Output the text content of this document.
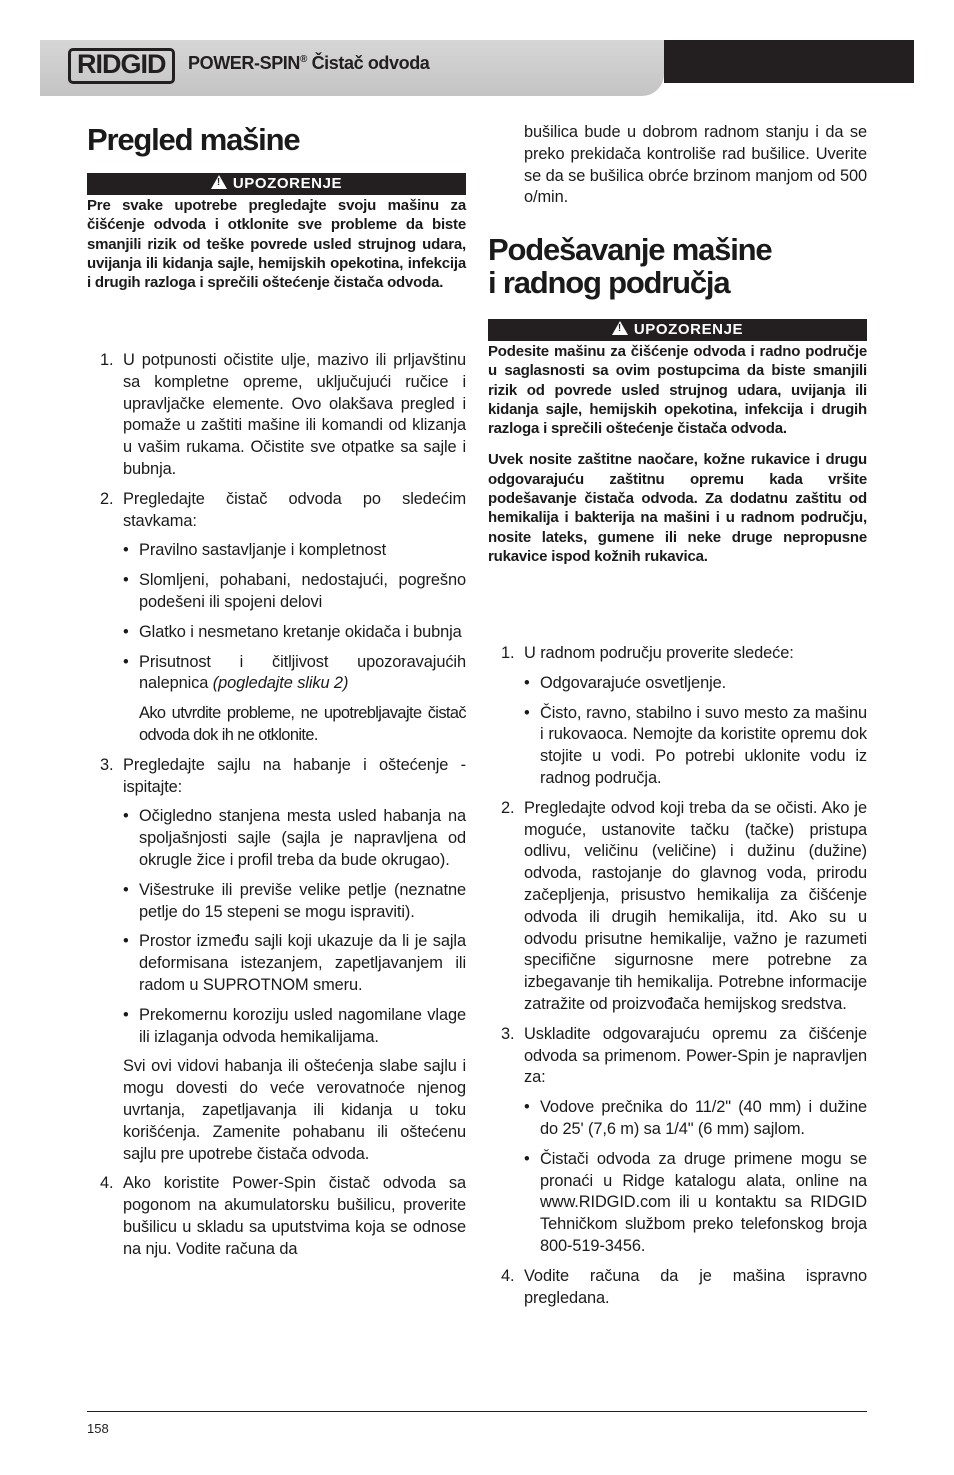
RIDGID	POWER-SPIN® Čistač odvoda
Pregled mašine
!UPOZORENJE

Pre svake upotrebe pregledajte svoju mašinu za čišćenje odvoda i otklonite sve probleme da biste smanjili rizik od teške povrede usled strujnog udara, uvijanja ili kidanja sajle, hemijskih opekotina, infekcija i drugih razloga i sprečili oštećenje čistača odvoda.

1. U potpunosti očistite ulje, mazivo ili prljavštinu sa kompletne opreme, uključujući ručice i upravljačke elemente. Ovo olakšava pregled i pomaže u zaštiti mašine ili komandi od klizanja u vašim rukama. Očistite sve otpatke sa sajle i bubnja.
2. Pregledajte čistač odvoda po sledećim stavkama:
• Pravilno sastavljanje i kompletnost
• Slomljeni, pohabani, nedostajući, pogrešno podešeni ili spojeni delovi
• Glatko i nesmetano kretanje okidača i bubnja
• Prisutnost i čitljivost upozoravajućih nalepnica (pogledajte sliku 2)

Ako utvrdite probleme, ne upotrebljavajte čistač odvoda dok ih ne otklonite.

3. Pregledajte sajlu na habanje i oštećenje - ispitajte:
• Očigledno stanjena mesta usled habanja na spoljašnjosti sajle (sajla je napravljena od okrugle žice i profil treba da bude okrugao).
• Višestruke ili previše velike petlje (neznatne petlje do 15 stepeni se mogu ispraviti).
• Prostor između sajli koji ukazuje da li je sajla deformisana istezanjem, zapetljavanjem ili radom u SUPROTNOM smeru.
• Prekomernu koroziju usled nagomilane vlage ili izlaganja odvoda hemikalijama.

Svi ovi vidovi habanja ili oštećenja slabe sajlu i mogu dovesti do veće verovatnoće njenog uvrtanja, zapetljavanja ili kidanja u toku korišćenja. Zamenite pohabanu ili oštećenu sajlu pre upotrebe čistača odvoda.

4. Ako koristite Power-Spin čistač odvoda sa pogonom na akumulatorsku bušilicu, proverite bušilicu u skladu sa uputstvima koja se odnose na nju. Vodite računa da

bušilica bude u dobrom radnom stanju i da se preko prekidača kontroliše rad bušilice. Uverite se da se bušilica obrće brzinom manjom od 500 o/min.

Podešavanje mašine
i radnog područja
!UPOZORENJE

Podesite mašinu za čišćenje odvoda i radno područje u saglasnosti sa ovim postupcima da biste smanjili rizik od povrede usled strujnog udara, uvijanja ili kidanja sajle, hemijskih opekotina, infekcija i drugih razloga i sprečili oštećenje čistača odvoda.

Uvek nosite zaštitne naočare, kožne rukavice i drugu odgovarajuću zaštitnu opremu kada vršite podešavanje čistača odvoda. Za dodatnu zaštitu od hemikalija i bakterija na mašini i u radnom području, nosite lateks, gumene ili neke druge nepropusne rukavice ispod kožnih rukavica.

1. U radnom području proverite sledeće:
• Odgovarajuće osvetljenje.
• Čisto, ravno, stabilno i suvo mesto za mašinu i rukovaoca. Nemojte da koristite opremu dok stojite u vodi. Po potrebi uklonite vodu iz radnog područja.
2. Pregledajte odvod koji treba da se očisti. Ako je moguće, ustanovite tačku (tačke) pristupa odlivu, veličinu (veličine) i dužinu (dužine) odvoda, rastojanje do glavnog voda, prirodu začepljenja, prisustvo hemikalija za čišćenje odvoda ili drugih hemikalija, itd. Ako su u odvodu prisutne hemikalije, važno je razumeti specifične sigurnosne mere potrebne za izbegavanje tih hemikalija. Potrebne informacije zatražite od proizvođača hemijskog sredstva.
3. Uskladite odgovarajuću opremu za čišćenje odvoda sa primenom. Power-Spin je napravljen za:
• Vodove prečnika do 11/2" (40 mm) i dužine do 25' (7,6 m) sa 1/4" (6 mm) sajlom.
• Čistači odvoda za druge primene mogu se pronaći u Ridge katalogu alata, online na www.RIDGID.com ili u kontaktu sa RIDGID Tehničkom službom preko telefonskog broja 800-519-3456.
4. Vodite računa da je mašina ispravno pregledana.
158
